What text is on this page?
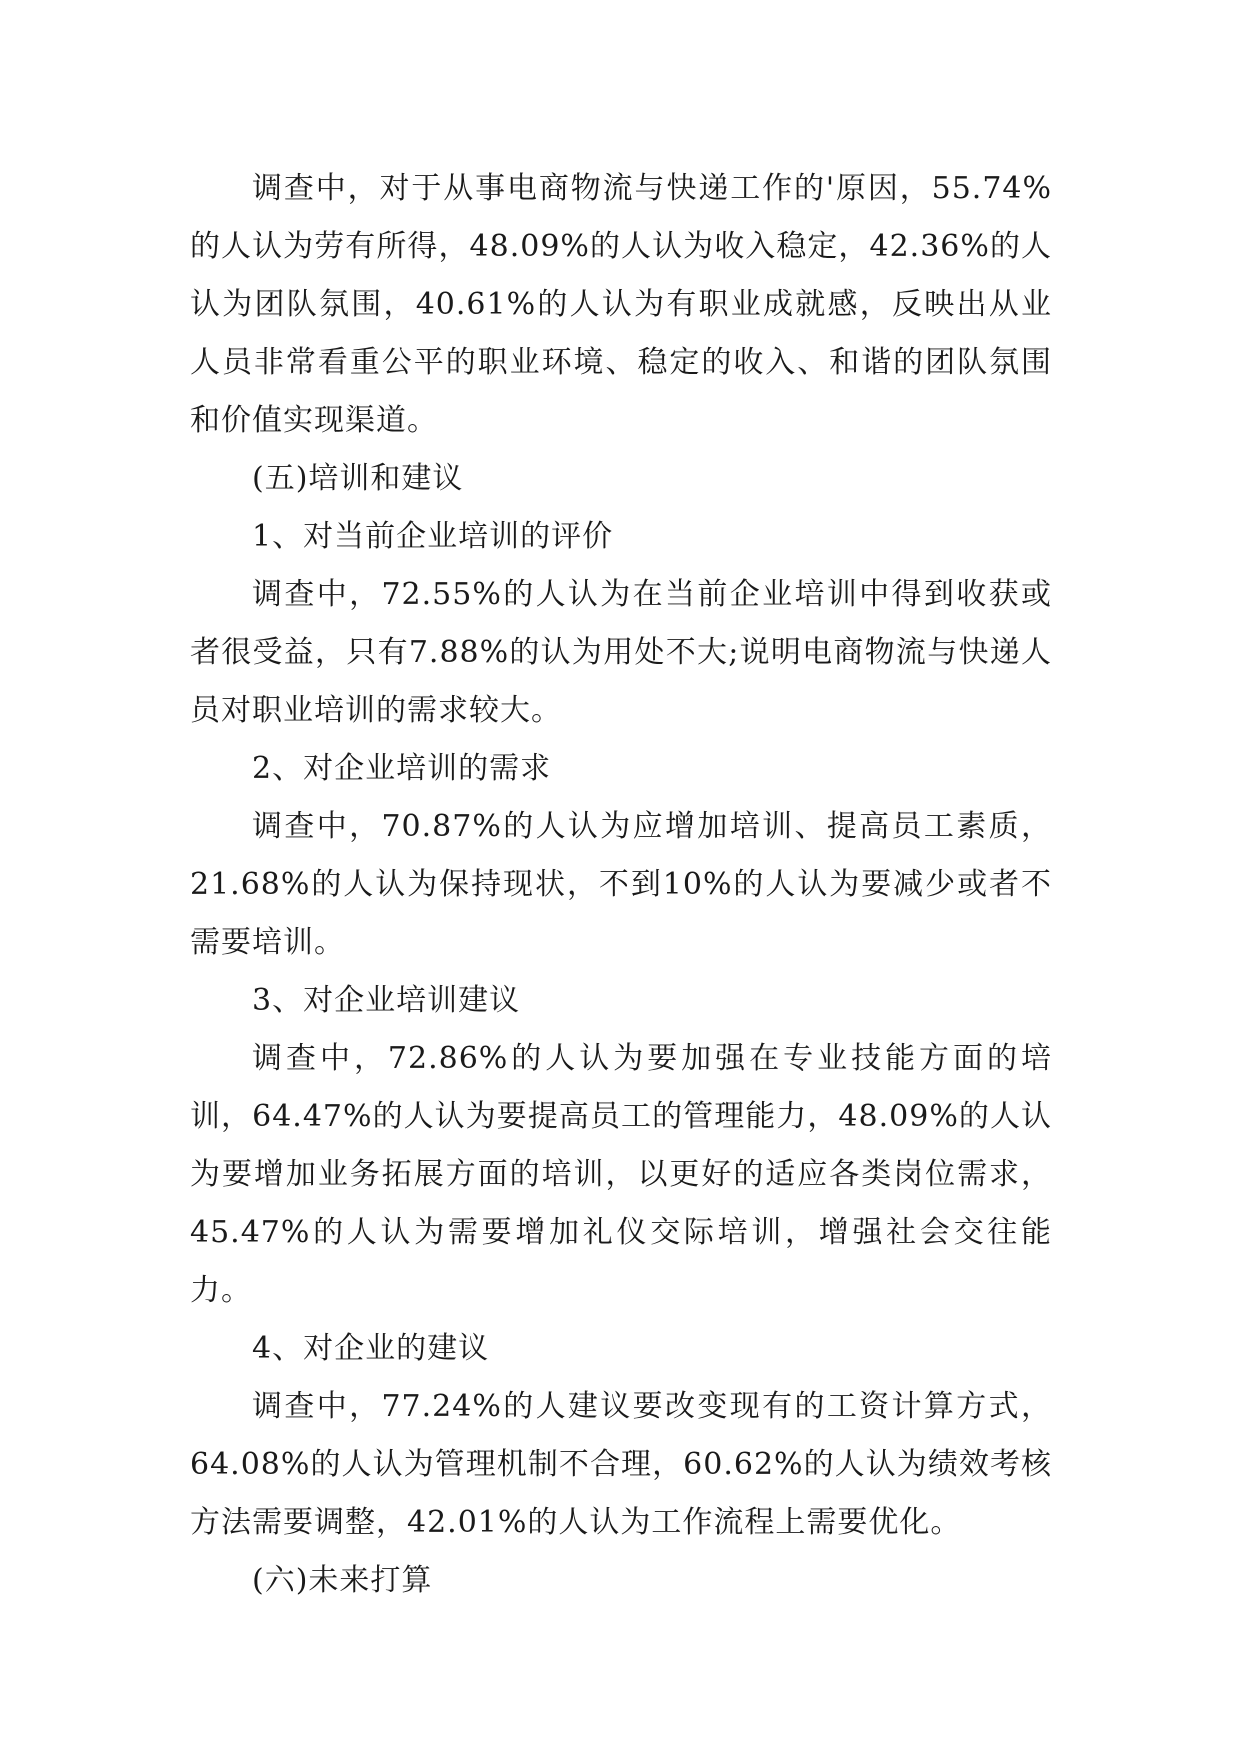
调查中，对于从事电商物流与快递工作的'原因，55.74%的人认为劳有所得，48.09%的人认为收入稳定，42.36%的人认为团队氛围，40.61%的人认为有职业成就感，反映出从业人员非常看重公平的职业环境、稳定的收入、和谐的团队氛围和价值实现渠道。

(五)培训和建议

1、对当前企业培训的评价

调查中，72.55%的人认为在当前企业培训中得到收获或者很受益，只有7.88%的认为用处不大;说明电商物流与快递人员对职业培训的需求较大。

2、对企业培训的需求

调查中，70.87%的人认为应增加培训、提高员工素质，21.68%的人认为保持现状，不到10%的人认为要减少或者不需要培训。

3、对企业培训建议

调查中，72.86%的人认为要加强在专业技能方面的培训，64.47%的人认为要提高员工的管理能力，48.09%的人认为要增加业务拓展方面的培训，以更好的适应各类岗位需求，45.47%的人认为需要增加礼仪交际培训，增强社会交往能力。

4、对企业的建议

调查中，77.24%的人建议要改变现有的工资计算方式，64.08%的人认为管理机制不合理，60.62%的人认为绩效考核方法需要调整，42.01%的人认为工作流程上需要优化。

(六)未来打算
